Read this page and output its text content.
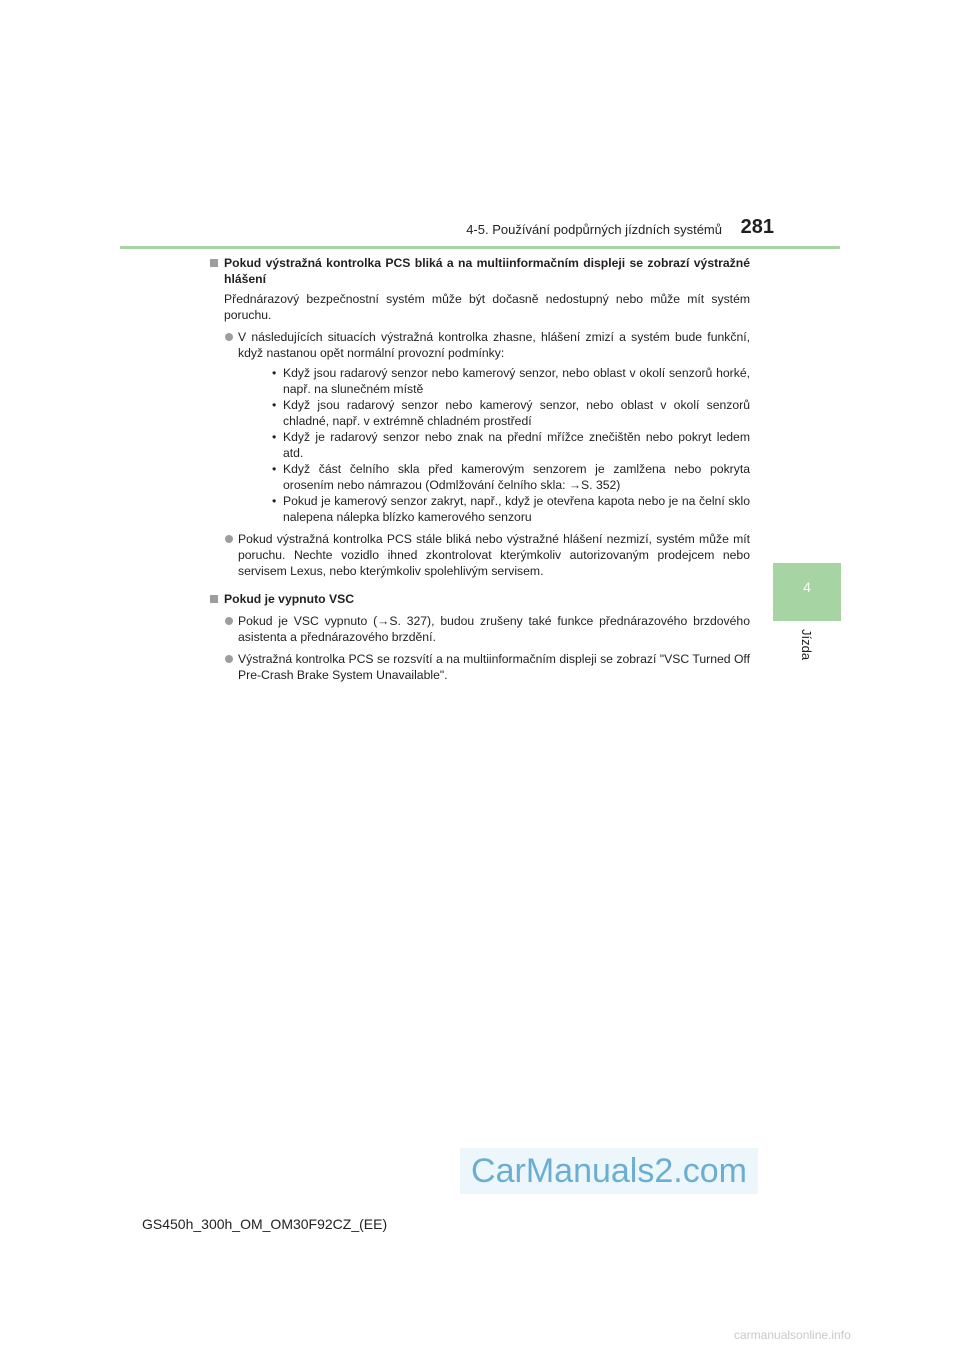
4-5. Používání podpůrných jízdních systémů 281
4
Jízda
Pokud výstražná kontrolka PCS bliká a na multiinformačním displeji se zobrazí výstražné hlášení
Přednárazový bezpečnostní systém může být dočasně nedostupný nebo může mít systém poruchu.
V následujících situacích výstražná kontrolka zhasne, hlášení zmizí a systém bude funkční, když nastanou opět normální provozní podmínky:
• Když jsou radarový senzor nebo kamerový senzor, nebo oblast v okolí senzorů horké, např. na slunečném místě
• Když jsou radarový senzor nebo kamerový senzor, nebo oblast v okolí senzorů chladné, např. v extrémně chladném prostředí
• Když je radarový senzor nebo znak na přední mřížce znečištěn nebo pokryt ledem atd.
• Když část čelního skla před kamerovým senzorem je zamlžena nebo pokryta orosením nebo námrazou (Odmlžování čelního skla: →S. 352)
• Pokud je kamerový senzor zakryt, např., když je otevřena kapota nebo je na čelní sklo nalepena nálepka blízko kamerového senzoru
Pokud výstražná kontrolka PCS stále bliká nebo výstražné hlášení nezmizí, systém může mít poruchu. Nechte vozidlo ihned zkontrolovat kterýmkoliv autorizovaným prodejcem nebo servisem Lexus, nebo kterýmkoliv spolehlivým servisem.
Pokud je vypnuto VSC
Pokud je VSC vypnuto (→S. 327), budou zrušeny také funkce přednárazového brzdového asistenta a přednárazového brzdění.
Výstražná kontrolka PCS se rozsvítí a na multiinformačním displeji se zobrazí "VSC Turned Off Pre-Crash Brake System Unavailable".
CarManuals2.com
GS450h_300h_OM_OM30F92CZ_(EE)
carmanualsonline.info
